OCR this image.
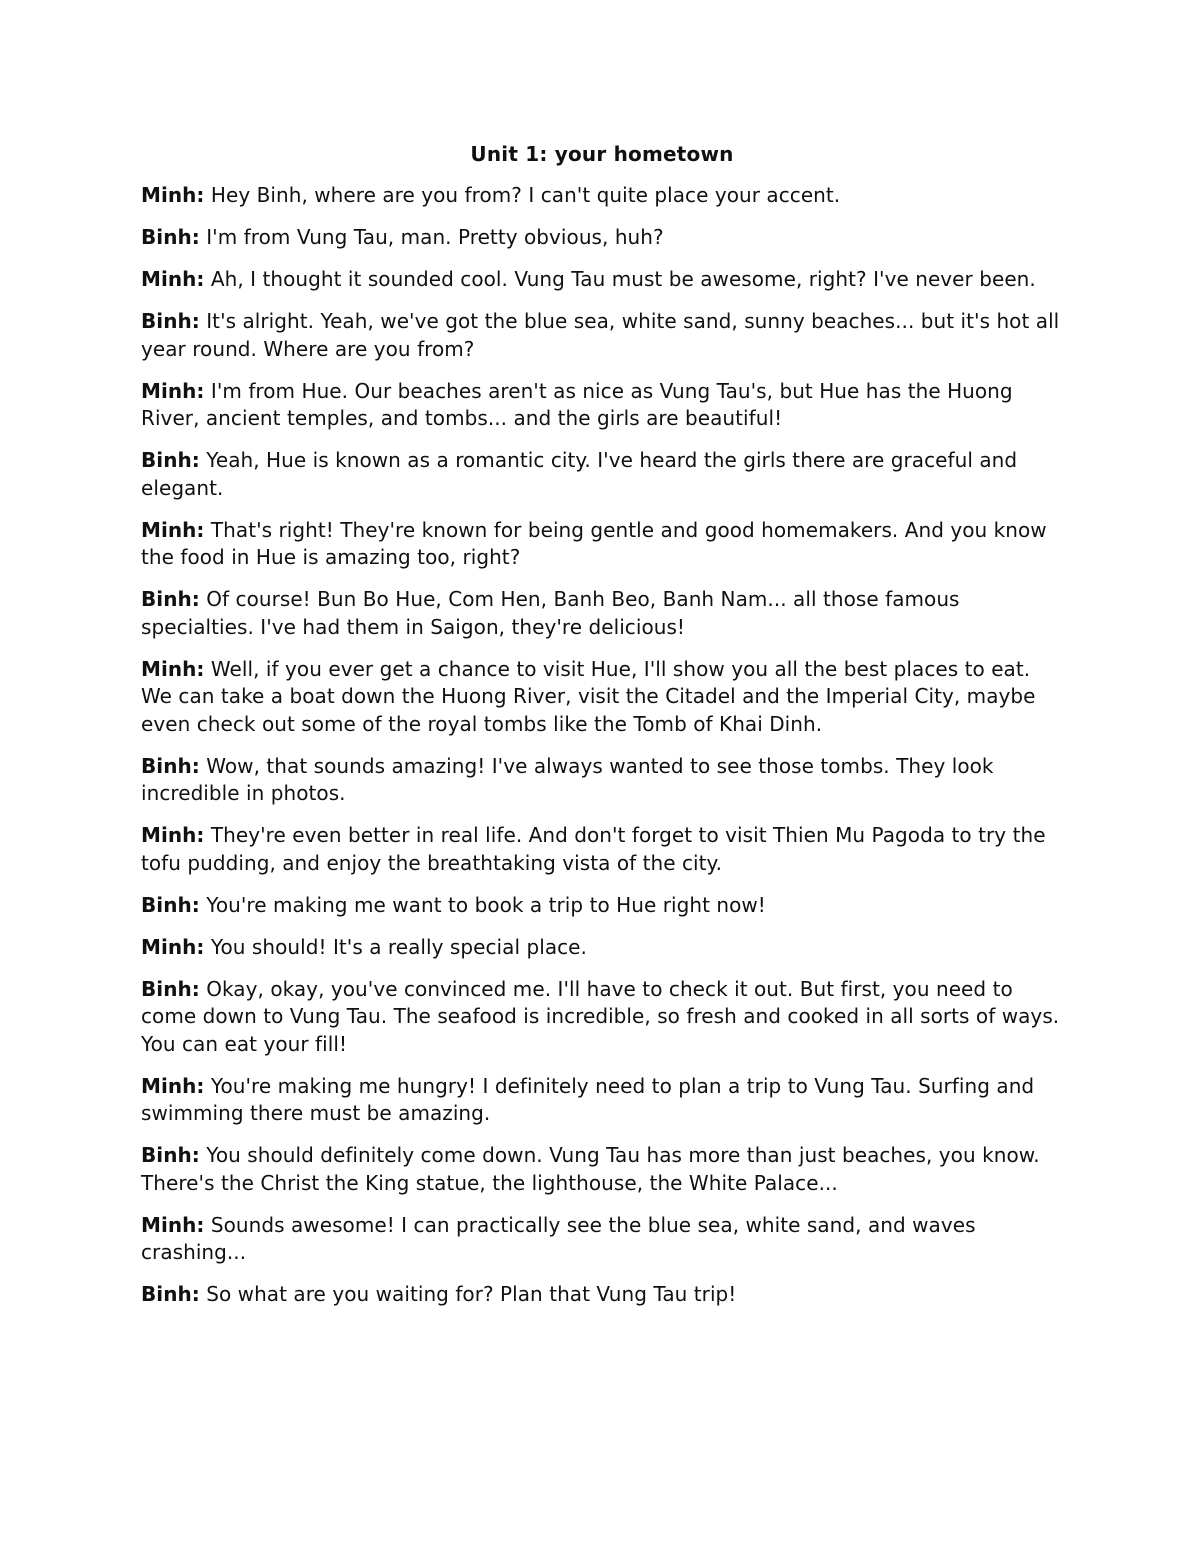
Unit 1: your hometown

Minh: Hey Binh, where are you from? I can't quite place your accent.

Binh: I'm from Vung Tau, man. Pretty obvious, huh?

Minh: Ah, I thought it sounded cool. Vung Tau must be awesome, right? I've never been.

Binh: It's alright. Yeah, we've got the blue sea, white sand, sunny beaches... but it's hot all year round. Where are you from?

Minh: I'm from Hue. Our beaches aren't as nice as Vung Tau's, but Hue has the Huong River, ancient temples, and tombs... and the girls are beautiful!

Binh: Yeah, Hue is known as a romantic city. I've heard the girls there are graceful and elegant.

Minh: That's right! They're known for being gentle and good homemakers. And you know the food in Hue is amazing too, right?

Binh: Of course! Bun Bo Hue, Com Hen, Banh Beo, Banh Nam... all those famous specialties. I've had them in Saigon, they're delicious!

Minh: Well, if you ever get a chance to visit Hue, I'll show you all the best places to eat. We can take a boat down the Huong River, visit the Citadel and the Imperial City, maybe even check out some of the royal tombs like the Tomb of Khai Dinh.

Binh: Wow, that sounds amazing! I've always wanted to see those tombs. They look incredible in photos.

Minh: They're even better in real life. And don't forget to visit Thien Mu Pagoda to try the tofu pudding, and enjoy the breathtaking vista of the city.

Binh: You're making me want to book a trip to Hue right now!

Minh: You should! It's a really special place.

Binh: Okay, okay, you've convinced me. I'll have to check it out. But first, you need to come down to Vung Tau. The seafood is incredible, so fresh and cooked in all sorts of ways. You can eat your fill!

Minh: You're making me hungry! I definitely need to plan a trip to Vung Tau. Surfing and swimming there must be amazing.

Binh: You should definitely come down. Vung Tau has more than just beaches, you know. There's the Christ the King statue, the lighthouse, the White Palace...

Minh: Sounds awesome! I can practically see the blue sea, white sand, and waves crashing...

Binh: So what are you waiting for? Plan that Vung Tau trip!
